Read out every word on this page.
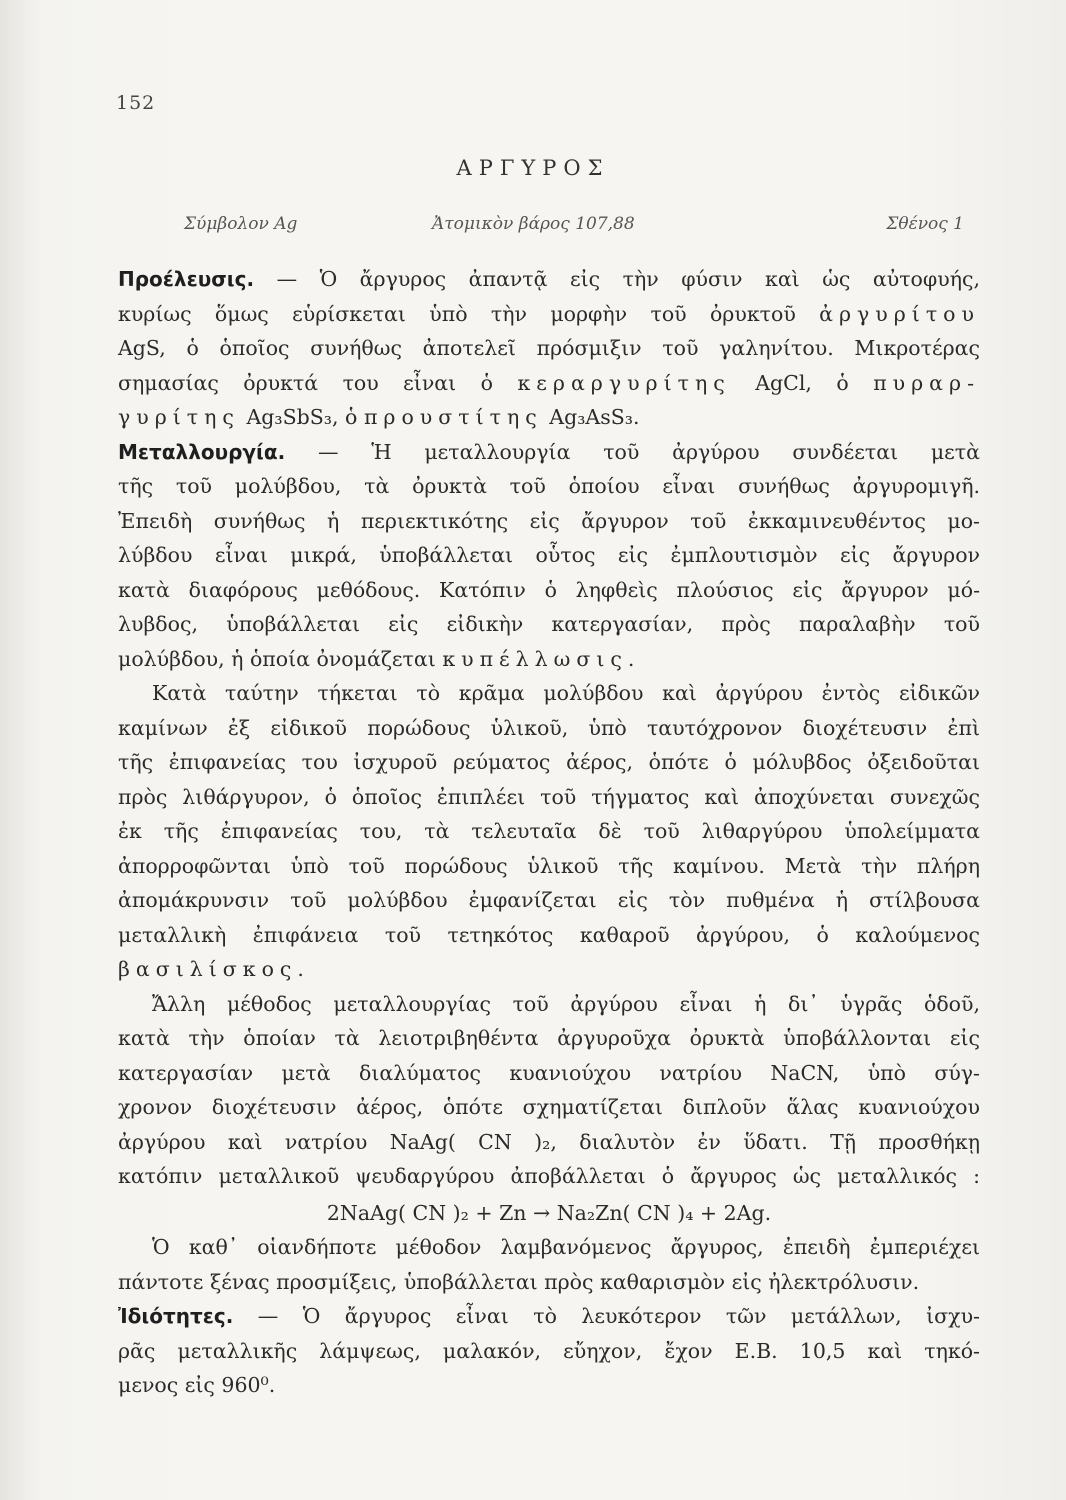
152
ΑΡΓΥΡΟΣ
Σύμβολον Ag	Ἀτομικὸν βάρος 107,88	Σθένος 1
Προέλευσις. — Ὁ ἄργυρος ἀπαντᾷ εἰς τὴν φύσιν καὶ ὡς αὐτοφυής,
κυρίως ὅμως εὑρίσκεται ὑπὸ τὴν μορφὴν τοῦ ὀρυκτοῦ ἀργυρίτου
AgS, ὁ ὁποῖος συνήθως ἀποτελεῖ πρόσμιξιν τοῦ γαληνίτου. Μικροτέρας
σημασίας ὀρυκτά του εἶναι ὁ κεραργυρίτης AgCl, ὁ πυραρ-
γυρίτης Ag₃SbS₃, ὁ προυστίτης Ag₃AsS₃.
Μεταλλουργία. — Ἡ μεταλλουργία τοῦ ἀργύρου συνδέεται μετὰ
τῆς τοῦ μολύβδου, τὰ ὀρυκτὰ τοῦ ὁποίου εἶναι συνήθως ἀργυρομιγῆ.
Ἐπειδὴ συνήθως ἡ περιεκτικότης εἰς ἄργυρον τοῦ ἐκκαμινευθέντος μο-
λύβδου εἶναι μικρά, ὑποβάλλεται οὗτος εἰς ἐμπλουτισμὸν εἰς ἄργυρον
κατὰ διαφόρους μεθόδους. Κατόπιν ὁ ληφθεὶς πλούσιος εἰς ἄργυρον μό-
λυβδος, ὑποβάλλεται εἰς εἰδικὴν κατεργασίαν, πρὸς παραλαβὴν τοῦ
μολύβδου, ἡ ὁποία ὀνομάζεται κυπέλλωσις.
Κατὰ ταύτην τήκεται τὸ κρᾶμα μολύβδου καὶ ἀργύρου ἐντὸς εἰδικῶν
καμίνων ἐξ εἰδικοῦ πορώδους ὑλικοῦ, ὑπὸ ταυτόχρονον διοχέτευσιν ἐπὶ
τῆς ἐπιφανείας του ἰσχυροῦ ρεύματος ἀέρος, ὁπότε ὁ μόλυβδος ὀξειδοῦται
πρὸς λιθάργυρον, ὁ ὁποῖος ἐπιπλέει τοῦ τήγματος καὶ ἀποχύνεται συνεχῶς
ἐκ τῆς ἐπιφανείας του, τὰ τελευταῖα δὲ τοῦ λιθαργύρου ὑπολείμματα
ἀπορροφῶνται ὑπὸ τοῦ πορώδους ὑλικοῦ τῆς καμίνου. Μετὰ τὴν πλήρη
ἀπομάκρυνσιν τοῦ μολύβδου ἐμφανίζεται εἰς τὸν πυθμένα ἡ στίλβουσα
μεταλλικὴ ἐπιφάνεια τοῦ τετηκότος καθαροῦ ἀργύρου, ὁ καλούμενος
βασιλίσκος.
Ἄλλη μέθοδος μεταλλουργίας τοῦ ἀργύρου εἶναι ἡ δι᾽ ὑγρᾶς ὁδοῦ,
κατὰ τὴν ὁποίαν τὰ λειοτριβηθέντα ἀργυροῦχα ὀρυκτὰ ὑποβάλλονται εἰς
κατεργασίαν μετὰ διαλύματος κυανιούχου νατρίου NaCN, ὑπὸ σύγ-
χρονον διοχέτευσιν ἀέρος, ὁπότε σχηματίζεται διπλοῦν ἅλας κυανιούχου
ἀργύρου καὶ νατρίου NaAg( CN )₂, διαλυτὸν ἐν ὕδατι. Τῇ προσθήκῃ
κατόπιν μεταλλικοῦ ψευδαργύρου ἀποβάλλεται ὁ ἄργυρος ὡς μεταλλικός :
2NaAg( CN )₂ + Zn → Na₂Zn( CN )₄ + 2Ag.
Ὁ καθ᾽ οἱανδήποτε μέθοδον λαμβανόμενος ἄργυρος, ἐπειδὴ ἐμπεριέχει
πάντοτε ξένας προσμίξεις, ὑποβάλλεται πρὸς καθαρισμὸν εἰς ἠλεκτρόλυσιν.
Ἰδιότητες. — Ὁ ἄργυρος εἶναι τὸ λευκότερον τῶν μετάλλων, ἰσχυ-
ρᾶς μεταλλικῆς λάμψεως, μαλακόν, εὔηχον, ἔχον Ε.Β. 10,5 καὶ τηκό-
μενος εἰς 960⁰.
